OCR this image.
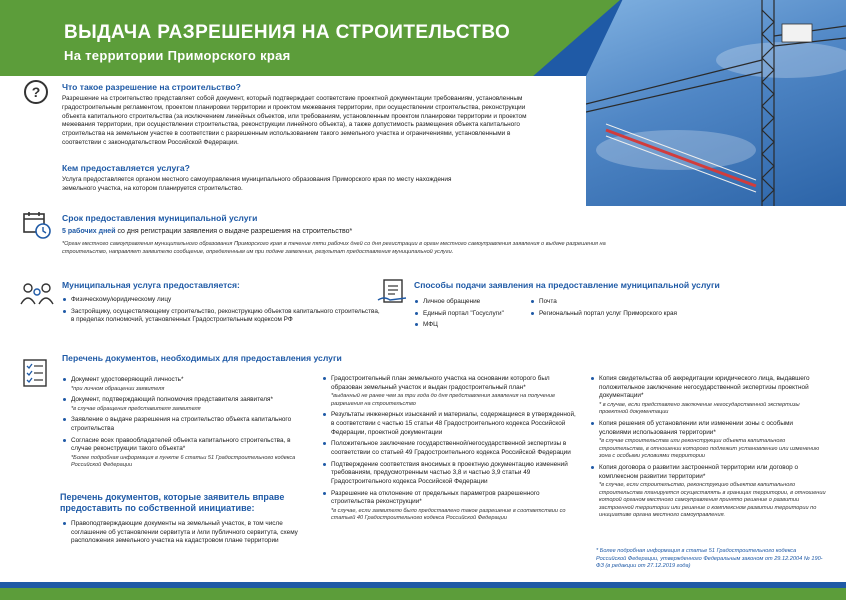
ВЫДАЧА РАЗРЕШЕНИЯ НА СТРОИТЕЛЬСТВО
На территории Приморского края
?	Что такое разрешение на строительство?
Разрешение на строительство представляет собой документ, который подтверждает соответствие проектной документации требованиям, установленным градостроительным регламентом, проектом планировки территории и проектом межевания территории, при осуществлении строительства, реконструкции объекта капитального строительства (за исключением линейных объектов, или требованиям, установленным проектом планировки территории и проектом межевания территории, при осуществлении строительства, реконструкции линейного объекта), а также допустимость размещения объекта капитального строительства на земельном участке в соответствии с разрешенным использованием такого земельного участка и ограничениями, установленными в соответствии с законодательством Российской Федерации.
Кем предоставляется услуга?
Услуга предоставляется органом местного самоуправления муниципального образования Приморского края по месту нахождения земельного участка, на котором планируется строительство.
Срок предоставления муниципальной услуги
5 рабочих дней со дня регистрации заявления о выдаче разрешения на строительство*
*Орган местного самоуправления муниципального образования Приморского края в течение пяти рабочих дней со дня регистрации в орган местного самоуправления заявления о выдаче разрешения на строительство, направляет заявителю сообщение, определенным им при подаче заявления, результат предоставления муниципальной услуги.
Муниципальная услуга предоставляется:
Физическому/юридическому лицу
Застройщику, осуществляющему строительство, реконструкцию объектов капитального строительства, в пределах полномочий, установленных Градостроительным кодексом РФ
Способы подачи заявления на предоставление муниципальной услуги
Личное обращение
Единый портал "Госуслуги"
МФЦ
Почта
Региональный портал услуг Приморского края
Перечень документов, необходимых для предоставления услуги
Документ удостоверяющий личность*
*при личном обращении заявителя
Документ, подтверждающий полномочия представителя заявителя*
*в случае обращения представителя заявителя
Заявление о выдаче разрешения на строительство объекта капитального строительства
Согласие всех правообладателей объекта капитального строительства, в случае реконструкции такого объекта*
*Более подробная информация в пункте 6 статьи 51 Градостроительного кодекса Российской Федерации
Градостроительный план земельного участка на основании которого был образован земельный участок и выдан градостроительный план*
*выданный не ранее чем за три года до дня представления заявления на получение разрешения на строительство
Результаты инженерных изысканий и материалы, содержащиеся в утвержденной, в соответствии с частью 15 статьи 48 Градостроительного кодекса Российской Федерации, проектной документации
Положительное заключение государственной/негосударственной экспертизы в соответствии со статьей 49 Градостроительного кодекса Российской Федерации
Подтверждение соответствия вносимых в проектную документацию изменений требованиям, предусмотренным частью 3,8 и частью 3,9 статьи 49 Градостроительного кодекса Российской Федерации
Разрешение на отклонение от предельных параметров разрешенного строительства реконструкции*
*в случае, если заявителю было предоставлено такое разрешение в соответствии со статьей 40 Градостроительного кодекса Российской Федерации
Копия свидетельства об аккредитации юридического лица, выдавшего положительное заключение негосударственной экспертизы проектной документации*
* в случае, если представлено заключение негосударственной экспертизы проектной документации
Копия решения об установлении или изменении зоны с особыми условиями использования территории*
*в случае строительства или реконструкции объекта капитального строительства, в отношении которого подлежит установлению или изменению зона с особыми условиями территории
Копия договора о развитии застроенной территории или договор о комплексном развитии территории*
*в случае, если строительство, реконструкцию объектов капитального строительства планируется осуществлять в границах территории, в отношении которой органом местного самоуправления принято решение о развитии застроенной территории или решение о комплексном развитии территории по инициативе органа местного самоуправления.
* Более подробная информация в статье 51 Градостроительного кодекса Российской Федерации, утвержденного Федеральным законом от 29.12.2004 № 190-ФЗ (в редакции от 27.12.2019 года)
Перечень документов, которые заявитель вправе предоставить по собственной инициативе:
Правоподтверждающие документы на земельный участок, в том числе соглашение об установлении сервитута и /или публичного сервитута, схему расположения земельного участка на кадастровом плане территории
